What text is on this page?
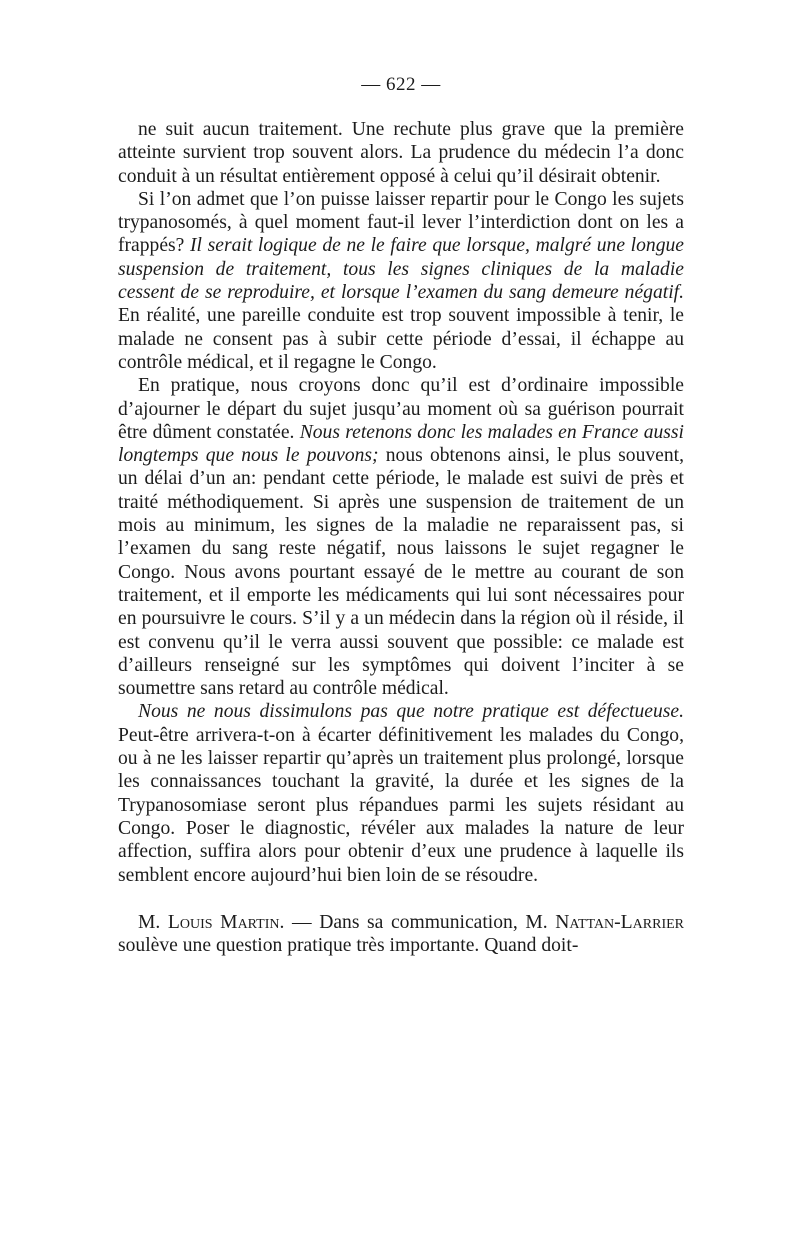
— 622 —

ne suit aucun traitement. Une rechute plus grave que la première atteinte survient trop souvent alors. La prudence du médecin l’a donc conduit à un résultat entièrement opposé à celui qu’il désirait obtenir.

Si l’on admet que l’on puisse laisser repartir pour le Congo les sujets trypanosomés, à quel moment faut-il lever l’interdiction dont on les a frappés? Il serait logique de ne le faire que lorsque, malgré une longue suspension de traitement, tous les signes cliniques de la maladie cessent de se reproduire, et lorsque l’examen du sang demeure négatif. En réalité, une pareille conduite est trop souvent impossible à tenir, le malade ne consent pas à subir cette période d’essai, il échappe au contrôle médical, et il regagne le Congo.

En pratique, nous croyons donc qu’il est d’ordinaire impossible d’ajourner le départ du sujet jusqu’au moment où sa guérison pourrait être dûment constatée. Nous retenons donc les malades en France aussi longtemps que nous le pouvons; nous obtenons ainsi, le plus souvent, un délai d’un an: pendant cette période, le malade est suivi de près et traité méthodiquement. Si après une suspension de traitement de un mois au minimum, les signes de la maladie ne reparaissent pas, si l’examen du sang reste négatif, nous laissons le sujet regagner le Congo. Nous avons pourtant essayé de le mettre au courant de son traitement, et il emporte les médicaments qui lui sont nécessaires pour en poursuivre le cours. S’il y a un médecin dans la région où il réside, il est convenu qu’il le verra aussi souvent que possible: ce malade est d’ailleurs renseigné sur les symptômes qui doivent l’inciter à se soumettre sans retard au contrôle médical.

Nous ne nous dissimulons pas que notre pratique est défectueuse. Peut-être arrivera-t-on à écarter définitivement les malades du Congo, ou à ne les laisser repartir qu’après un traitement plus prolongé, lorsque les connaissances touchant la gravité, la durée et les signes de la Trypanosomiase seront plus répandues parmi les sujets résidant au Congo. Poser le diagnostic, révéler aux malades la nature de leur affection, suffira alors pour obtenir d’eux une prudence à laquelle ils semblent encore aujourd’hui bien loin de se résoudre.

M. Louis Martin. — Dans sa communication, M. Nattan-Larrier soulève une question pratique très importante. Quand doit-
